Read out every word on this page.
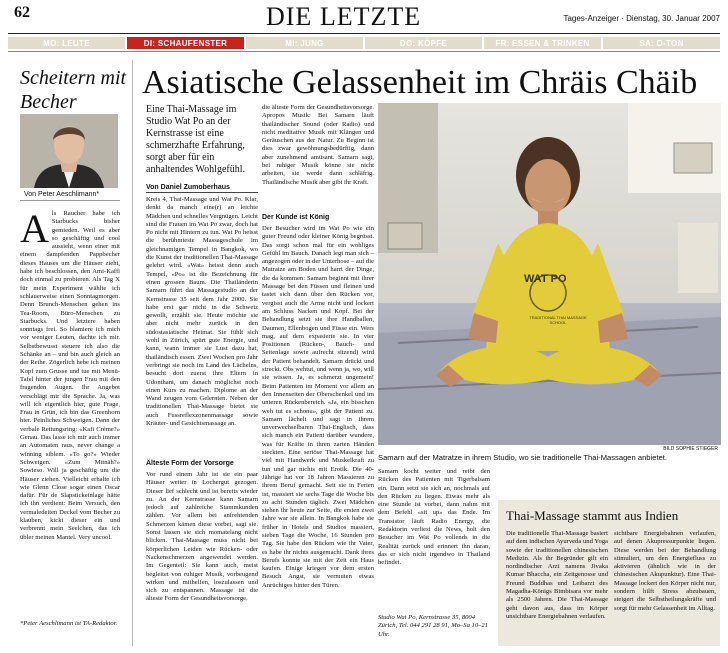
62	DIE LETZTE	Tages-Anzeiger · Dienstag, 30. Januar 2007
MO: LEUTE	DI: SCHAUFENSTER	MI: JUNG	DO: KÖPFE	FR: ESSEN & TRINKEN	SA: O-TON
Scheitern mit Becher
Von Peter Aeschlimann*
A ls Raucher habe ich Starbucks bisher gemieden. Weil es aber so geschäftig und cool aussieht, wenn einer mit einem dampfenden Pappbecher dieses Hauses um die Häuser zieht, habe ich beschlossen, den Ami-Kaffi doch einmal zu probieren. Als Tag X für mein Experiment wählte ich schlauerweise einen Sonntagmorgen. Denn Brunch-Menschen gehen ins Tea-Room, Büro-Menschen zu Starbucks. Und letztere haben sonntags frei. So blamiere ich mich vor weniger Leuten, dachte ich mir. Selbstbewusst steuere ich also die Schänke an – und bin auch gleich an der Reihe. Zögerlich hebe ich meinen Kopf zum Grusse und tue mit Menü-Tafel hinter der jungen Frau mit den fragenden Augen. Ihr Angebot verschlägt mir die Sprache. Ja, was will ich eigentlich hier, gute Frage, Frau in Grün, ich bin das Greenhorn hier. Peinliches Schweigen. Dann der verbale Rettungsring: «Kafi Crème?» Genau. Das lasse ich mir auch immer an Automaten raus, never change a winning siblem. «To go?» Wieder Schweigen. «Zum Mitnäh?» Sowieso. Will ja geschäftig um die Häuser ziehen. Vielleicht erhalte ich wie Glenn Close sogar einen Oscar dafür. Für de Slapstickeinlage hätte ich ihn verdient: Beim Versuch, den vermaledeiten Deckel vom Becher zu klauben, kickt dieser ein und verbrennt mein Seelchen, das ich übler meinen Mantel. Very uncool.
*Peter Aeschlimann ist TA-Redaktor.
Asiatische Gelassenheit im Chräis Chäib
Eine Thai-Massage im Studio Wat Po an der Kernstrasse ist eine schmerzhafte Erfahrung, sorgt aber für ein anhaltendes Wohlgefühl.
Von Daniel Zumoberhaus
Kreis 4, Thai-Massage und Wat Po. Klar, denkt da manch eine(r) an leichte Mädchen und schnelles Vergnügen. Leicht sind die Frauen im Wat Po zwar, doch hat Po nicht mit Hintern zu tun. Wat Po heisst die berühmteste Massageschule im gleichnamigen Tempel in Bangkok, wo die Kunst der traditionellen Thai-Massage gelehrt wird. «Wat» heisst denn auch Tempel, «Po» ist die Bezeichnung für einen grossen Baum. Die Thailänderin Samarn führt das Massagestudio an der Kernstrasse 35 seit dem Jahr 2000. Sie habe erst gar nicht in die Schweiz gewollt, erzählt sie. Heute möchte sie aber nicht mehr zurück in den südostasiatische Heimat. Sie fühlt sich wohl in Zürich, spürt gute Energie, und kann, wann immer sie Lust dazu hat, thailändisch essen. Zwei Wochen pro Jahr verbringt sie noch im Land des Lächelns, besucht dort zuerst ihre Eltern in Udonthani, um danach möglichst noch einen Kurs zu machen. Diplome an der Wand zeugen vom Gelernten. Neben der traditionellen Thai-Massage bietet sie auch Fussreflexzonenmassage sowie Kräuter- und Gesichtsmassage an.
Älteste Form der Vorsorge
Vor rund einem Jahr ist sie ein paar Häuser weiter in Lochergut gezogen. Dieser lief schlecht und ist bereits wieder zu. An der Kernstrasse kann Samarn jedoch auf zahlreiche Stammkunden zählen. Vor allem bei anfrehtenden Schmerzen kämen diese vorbei, sagt sie. Sonst lassen sie sich momatelang nicht blicken. Thai-Massage muss nicht bei körperlichen Leiden wie Rücken- oder Nackenschmerzen angewendet werden. Im Gegenteil: Sie kann auch, meist begleitet von ruhiger Musik, vorbeugend wirken und mithelfen, loszulassen und sich zu entspannen. Massage ist die älteste Form der Gesundheitsvorsorge.
die älteste Form der Gesundheitsvorsorge. Apropos Musik: Bei Samarn läuft thailändischer Sound (oder Radio) und nicht meditative Musik mit Klängen und Geräuschen aus der Natur. Zu Beginn ist dies zwar gewöhnungsbedürftig, dann aber zunehmend amüsant. Samarn sagt, bei ruhiger Musik könne sie nicht arbeiten, sie werde dann schläfrig. Thailändische Musik aber gibt ihr Kraft.
Der Kunde ist König
Der Besucher wird im Wat Po wie ein guter Freund oder kleiner König begrüsst. Das sorgt schon mal für ein wohliges Gefühl im Bauch. Danach legt man sich – angezogen oder in der Unterhose – auf die Matratze am Boden und harrt der Dinge, die da kommen: Samarn beginnt mit ihrer Massage bei den Füssen und fleinen und tastet sich dann über den Rücken vor, vergisst auch die Arme nicht und lockert am Schluss Nacken und Kopf. Bei der Behandlung setzt sie ihre Handballen, Daumen, Ellenbogen und Füsse ein. Wers mag, auf dem expasierte sie. In vier Positionen (Rücken-, Bauch- und Seitenlage sowie aufrecht sitzend) wird der Patient behandelt. Samarn drückt und streckt. Obs wehtut, und wenn ja, wo, will sie wissen. Ja, es schmerzt ungemein! Beim Patienten im Moment vor allem an den Innenseiten der Oberschenkel und im unteren Rückenbereich. «Ja, ein bisschen weh tut es schonu», gibt der Patient zu. Samarn lächelt und sagt in ihrem unverwechselbaren Thai-Englisch, dass sich manch ein Patient darüber wundere, was für Kräfte in ihren zarten Händen steckten. Eine seriöse Thai-Massage hat viel mit Handwerk und Muskelkraft zu tun und gar nichts mit Erotik. Die 40-Jährige hat vor 18 Jahren Massieren zu ihrem Beruf gemacht. Seit sie in Ferien ist, massiert sie sechs Tage die Woche bis zu acht Stunden täglich. Zwei Mädchen stehen ihr heute zur Seite, die ersten zwei Jahre war sie allein. In Bangkok habe sie früher in Hotels und Studios massiert, sieben Tage die Woche, 16 Stunden pro Tag. Sie habe den Rücken wie ihr Vater, es habe ihr nichts ausgemacht. Dank ihres Berufs konnte sie mit der Zeit ein Haus kaufen. Einige kriegen vor dem ersten Besuch Angst, sie vermuten etwas Anrüchiges hinter den Türen.
WAT PO
TRADITIONAL THAI MASSAGE SCHOOL
BILD SOPHIE STIEGER
Samarn auf der Matratze in ihrem Studio, wo sie traditionelle Thai-Massagen anbietet.
Samarn kocht weiter und reibt den Rücken des Patienten mit Tigerbalsam ein. Dann setzt sie sich an, nochmals auf den Rücken zu liegen. Etwas mehr als eine Stunde ist vorbei, dann nahm mit dem Befehl «sit up» das Ende. Im Transistor läuft Radio Energy, die Redaktorin verliest die News, holt den Besucher im Wat Po vollends in die Realität zurück und erinnert ihn daran, das er sich nicht irgendwo in Thailand befindet.
Studio Wat Po, Kernstrasse 35, 8004 Zürich, Tel. 044 291 28 91, Mo–Sa 10–21 Uhr.
Thai-Massage stammt aus Indien
Die traditionelle Thai-Massage basiert auf dem indischen Ayurveda und Yoga sowie der traditionellen chinesischen Medizin. Als ihr Begründer gilt ein nordindischer Arzt namens Jivaka Kumar Bhaccha, ein Zeitgenosse und Freund Buddhas und Leibarzt des Magadha-Königs Bimbisara vor mehr als 2500 Jahren. Die Thai-Massage geht davon aus, dass im Körper unsichtbare Energiebahnen verlaufen.
sichtbare Energiebahnen verlaufen, auf denen Akupressurpunkte liegen. Diese werden bei der Behandlung stimuliert, um den Energiefluss zu aktivieren (ähnlich wie in der chinesischen Akupunktur). Eine Thai-Massage lockert den Körper nicht nur, sondern hilft Stress abzubauen, steigert die Selbstheilungskräfte und sorgt für mehr Gelassenheit im Alltag.
